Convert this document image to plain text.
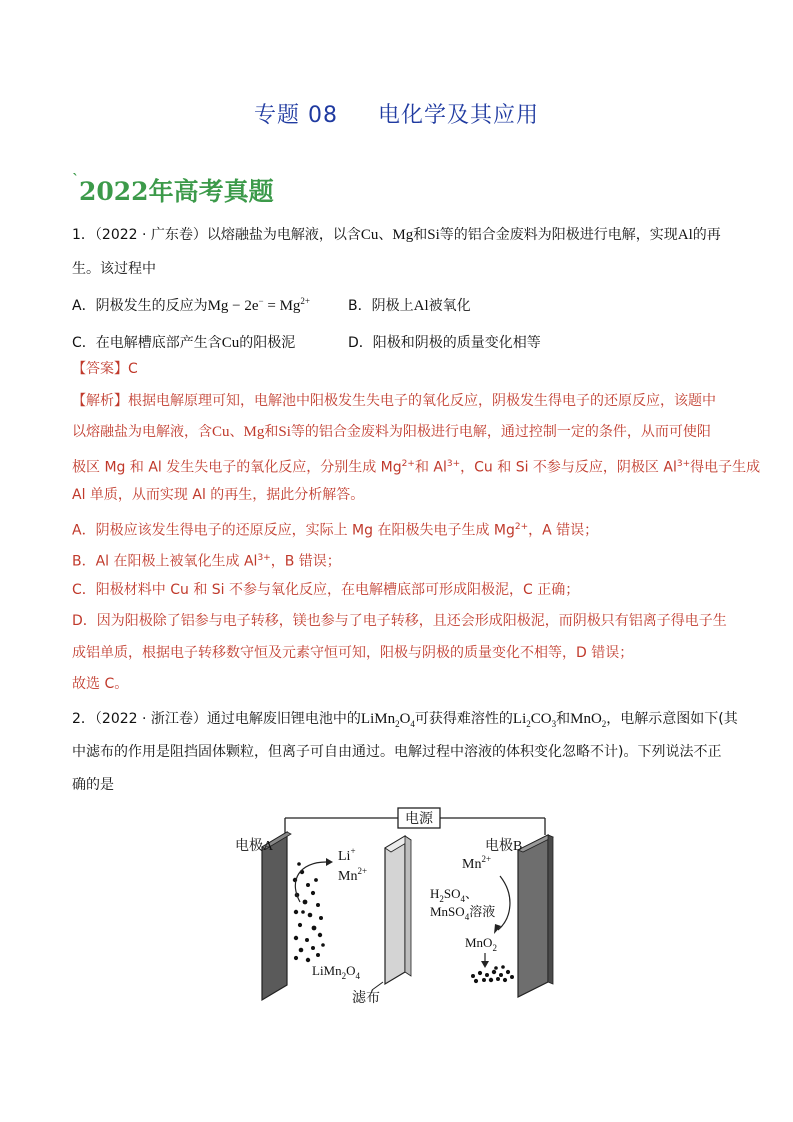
专题 08 电化学及其应用
`2022年高考真题
1．（2022 · 广东卷）以熔融盐为电解液，以含Cu、Mg和Si等的铝合金废料为阳极进行电解，实现Al的再
生。该过程中
A．阴极发生的反应为$Mg - 2e^- = Mg^{2+}$	B．阴极上Al被氧化
C．在电解槽底部产生含Cu的阳极泥	D．阳极和阴极的质量变化相等
【答案】C
【解析】根据电解原理可知，电解池中阳极发生失电子的氧化反应，阴极发生得电子的还原反应，该题中
以熔融盐为电解液，含Cu、Mg和Si等的铝合金废料为阳极进行电解，通过控制一定的条件，从而可使阳
极区 Mg 和 Al 发生失电子的氧化反应，分别生成 $Mg^{2+}$和 $Al^{3+}$，Cu 和 Si 不参与反应，阴极区 $Al^{3+}$得电子生成
Al 单质，从而实现 Al 的再生，据此分析解答。
A．阴极应该发生得电子的还原反应，实际上 Mg 在阳极失电子生成 $Mg^{2+}$，A 错误；
B．Al 在阳极上被氧化生成 $Al^{3+}$，B 错误；
C．阳极材料中 Cu 和 Si 不参与氧化反应，在电解槽底部可形成阳极泥，C 正确；
D．因为阳极除了铝参与电子转移，镁也参与了电子转移，且还会形成阳极泥，而阴极只有铝离子得电子生
成铝单质，根据电子转移数守恒及元素守恒可知，阳极与阴极的质量变化不相等，D 错误；
故选 C。
2．（2022 · 浙江卷）通过电解废旧锂电池中的$LiMn_2O_4$可获得难溶性的$Li_2CO_3$和MnO$_2$，电解示意图如下(其
中滤布的作用是阻挡固体颗粒，但离子可自由通过。电解过程中溶液的体积变化忽略不计)。下列说法不正
确的是
电源
电极A
Li+
$Mn^{2+}$
$LiMn_2O_4$
滤布
电极B
$Mn^{2+}$
$H_2SO_4$、
MnSO$_4$溶液
MnO$_2$
